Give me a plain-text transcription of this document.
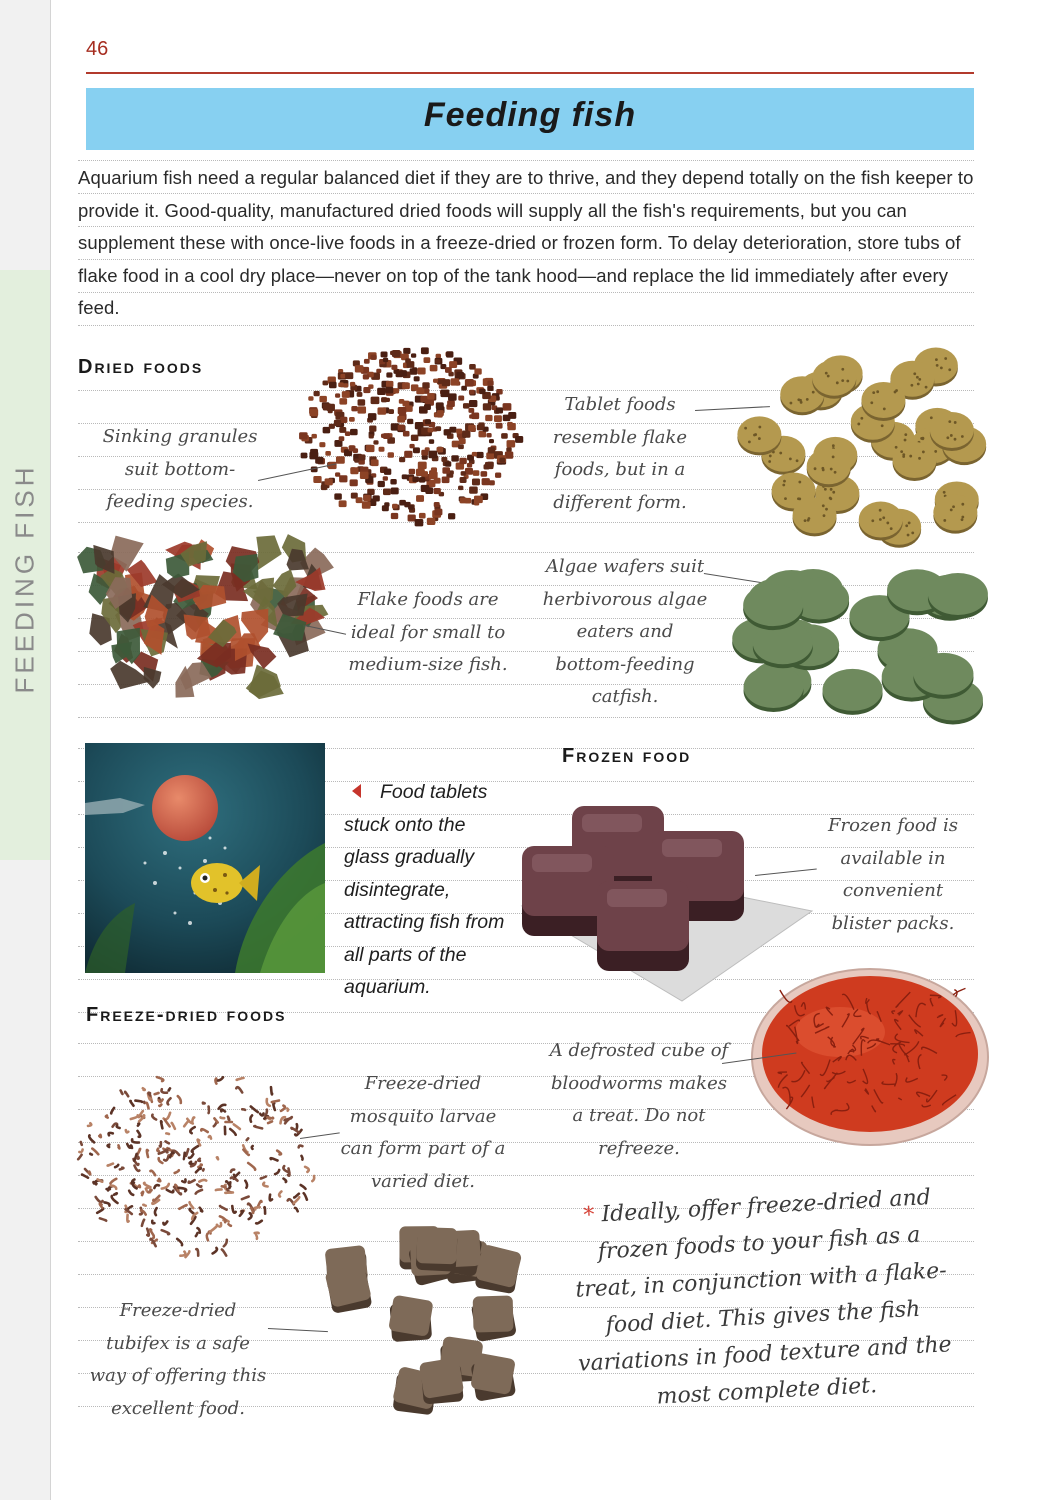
FEEDING FISH
46
Feeding fish
Aquarium fish need a regular balanced diet if they are to thrive, and they depend totally on the fish keeper to provide it. Good-quality, manufactured dried foods will supply all the fish's requirements, but you can supplement these with once-live foods in a freeze-dried or frozen form. To delay deterioration, store tubs of flake food in a cool dry place—never on top of the tank hood—and replace the lid immediately after every feed.
Dried foods
Sinking granules suit bottom-feeding species.
Tablet foods resemble flake foods, but in a different form.
Flake foods are ideal for small to medium-size fish.
Algae wafers suit herbivorous algae eaters and bottom-feeding catfish.
Food tablets stuck onto the glass gradually disintegrate, attracting fish from all parts of the aquarium.
Frozen food
Frozen food is available in convenient blister packs.
A defrosted cube of bloodworms makes a treat. Do not refreeze.
Freeze-dried foods
Freeze-dried mosquito larvae can form part of a varied diet.
Freeze-dried tubifex is a safe way of offering this excellent food.
* Ideally, offer freeze-dried and frozen foods to your fish as a treat, in conjunction with a flake-food diet. This gives the fish variations in food texture and the most complete diet.
